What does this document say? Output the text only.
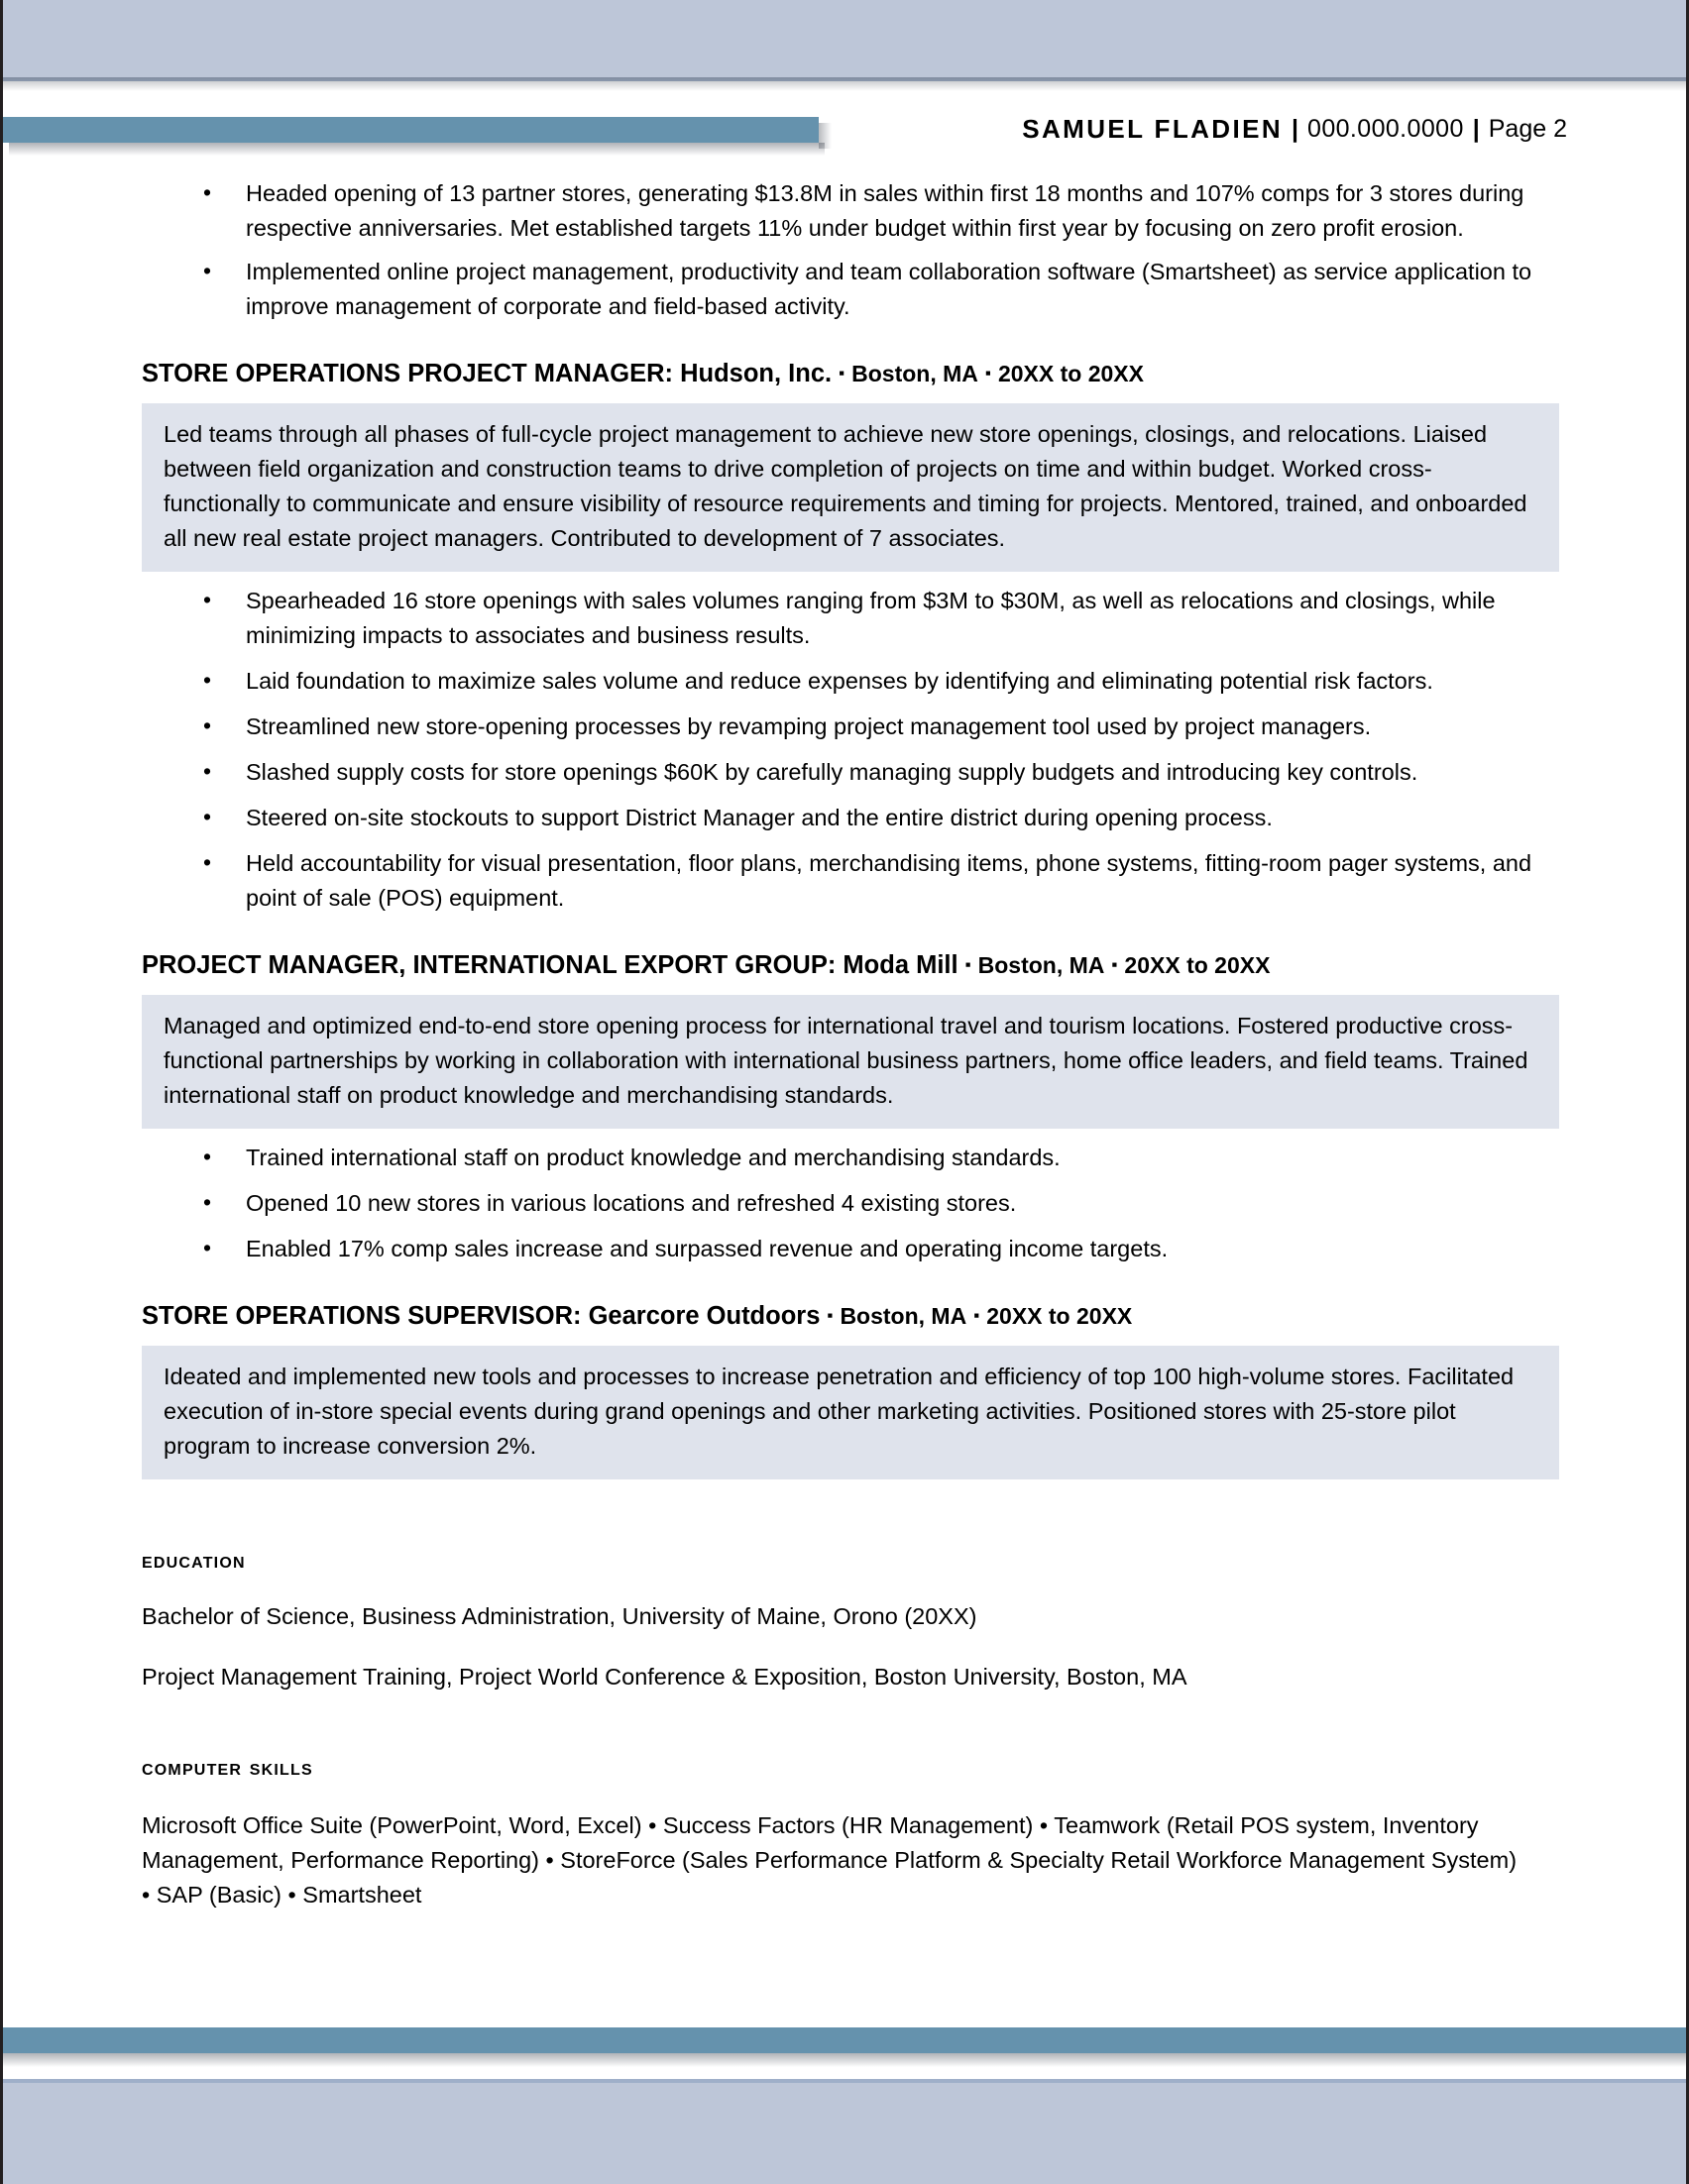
SAMUEL FLADIEN | 000.000.0000 | Page 2
• Headed opening of 13 partner stores, generating $13.8M in sales within first 18 months and 107% comps for 3 stores during respective anniversaries. Met established targets 11% under budget within first year by focusing on zero profit erosion.
• Implemented online project management, productivity and team collaboration software (Smartsheet) as service application to improve management of corporate and field-based activity.
STORE OPERATIONS PROJECT MANAGER: Hudson, Inc. ▪ Boston, MA ▪ 20XX to 20XX

Led teams through all phases of full-cycle project management to achieve new store openings, closings, and relocations. Liaised between field organization and construction teams to drive completion of projects on time and within budget. Worked cross-functionally to communicate and ensure visibility of resource requirements and timing for projects. Mentored, trained, and onboarded all new real estate project managers. Contributed to development of 7 associates.

• Spearheaded 16 store openings with sales volumes ranging from $3M to $30M, as well as relocations and closings, while minimizing impacts to associates and business results.
• Laid foundation to maximize sales volume and reduce expenses by identifying and eliminating potential risk factors.
• Streamlined new store-opening processes by revamping project management tool used by project managers.
• Slashed supply costs for store openings $60K by carefully managing supply budgets and introducing key controls.
• Steered on-site stockouts to support District Manager and the entire district during opening process.
• Held accountability for visual presentation, floor plans, merchandising items, phone systems, fitting-room pager systems, and point of sale (POS) equipment.
PROJECT MANAGER, INTERNATIONAL EXPORT GROUP: Moda Mill ▪ Boston, MA ▪ 20XX to 20XX

Managed and optimized end-to-end store opening process for international travel and tourism locations. Fostered productive cross-functional partnerships by working in collaboration with international business partners, home office leaders, and field teams. Trained international staff on product knowledge and merchandising standards.

• Trained international staff on product knowledge and merchandising standards.
• Opened 10 new stores in various locations and refreshed 4 existing stores.
• Enabled 17% comp sales increase and surpassed revenue and operating income targets.
STORE OPERATIONS SUPERVISOR: Gearcore Outdoors ▪ Boston, MA ▪ 20XX to 20XX

Ideated and implemented new tools and processes to increase penetration and efficiency of top 100 high-volume stores. Facilitated execution of in-store special events during grand openings and other marketing activities. Positioned stores with 25-store pilot program to increase conversion 2%.

education

Bachelor of Science, Business Administration, University of Maine, Orono (20XX)

Project Management Training, Project World Conference & Exposition, Boston University, Boston, MA

computer skills

Microsoft Office Suite (PowerPoint, Word, Excel) • Success Factors (HR Management) • Teamwork (Retail POS system, Inventory Management, Performance Reporting) • StoreForce (Sales Performance Platform & Specialty Retail Workforce Management System) • SAP (Basic) • Smartsheet
